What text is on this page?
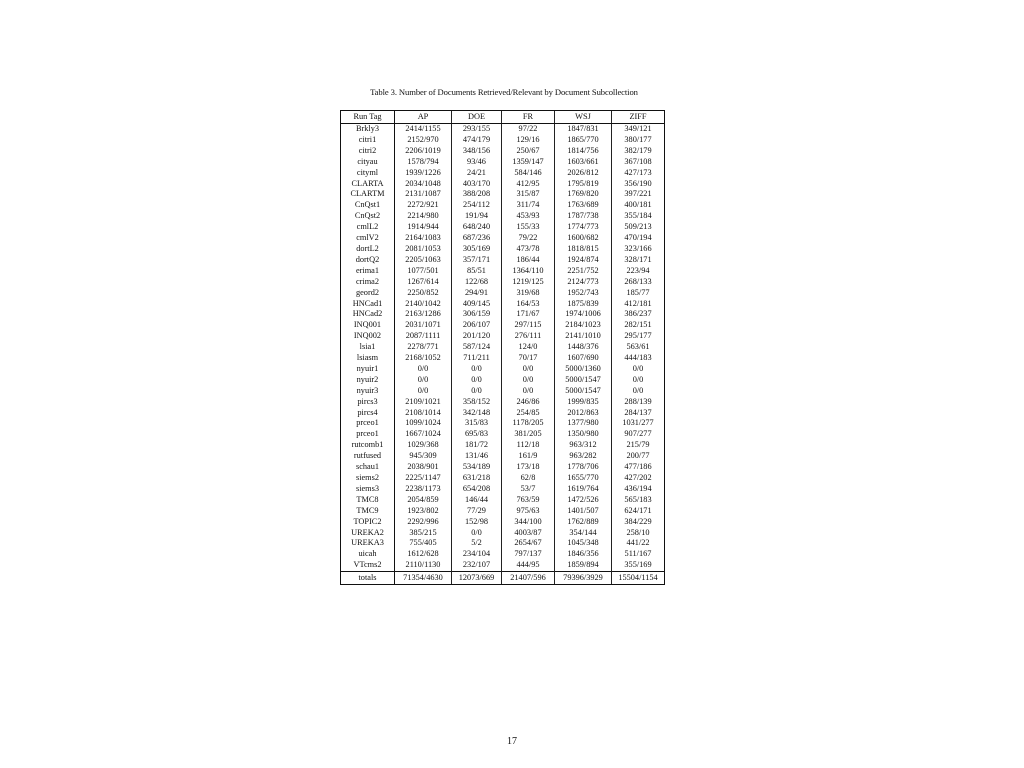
Table 3. Number of Documents Retrieved/Relevant by Document Subcollection
Run Tag	AP	DOE	FR	WSJ	ZIFF
Brkly3	2414/1155	293/155	97/22	1847/831	349/121
citri1	2152/970	474/179	129/16	1865/770	380/177
citri2	2206/1019	348/156	250/67	1814/756	382/179
cityau	1578/794	93/46	1359/147	1603/661	367/108
cityml	1939/1226	24/21	584/146	2026/812	427/173
CLARTA	2034/1048	403/170	412/95	1795/819	356/190
CLARTM	2131/1087	388/208	315/87	1769/820	397/221
CnQst1	2272/921	254/112	311/74	1763/689	400/181
CnQst2	2214/980	191/94	453/93	1787/738	355/184
cmlL2	1914/944	648/240	155/33	1774/773	509/213
cmlV2	2164/1083	687/236	79/22	1600/682	470/194
dortL2	2081/1053	305/169	473/78	1818/815	323/166
dortQ2	2205/1063	357/171	186/44	1924/874	328/171
erima1	1077/501	85/51	1364/110	2251/752	223/94
crima2	1267/614	122/68	1219/125	2124/773	268/133
geord2	2250/852	294/91	319/68	1952/743	185/77
HNCad1	2140/1042	409/145	164/53	1875/839	412/181
HNCad2	2163/1286	306/159	171/67	1974/1006	386/237
INQ001	2031/1071	206/107	297/115	2184/1023	282/151
INQ002	2087/1111	201/120	276/111	2141/1010	295/177
lsia1	2278/771	587/124	124/0	1448/376	563/61
lsiasm	2168/1052	711/211	70/17	1607/690	444/183
nyuir1	0/0	0/0	0/0	5000/1360	0/0
nyuir2	0/0	0/0	0/0	5000/1547	0/0
nyuir3	0/0	0/0	0/0	5000/1547	0/0
pircs3	2109/1021	358/152	246/86	1999/835	288/139
pircs4	2108/1014	342/148	254/85	2012/863	284/137
prceo1	1099/1024	315/83	1178/205	1377/980	1031/277
prceo1	1667/1024	695/83	381/205	1350/980	907/277
rutcomb1	1029/368	181/72	112/18	963/312	215/79
rutfused	945/309	131/46	161/9	963/282	200/77
schau1	2038/901	534/189	173/18	1778/706	477/186
siems2	2225/1147	631/218	62/8	1655/770	427/202
siems3	2238/1173	654/208	53/7	1619/764	436/194
TMC8	2054/859	146/44	763/59	1472/526	565/183
TMC9	1923/802	77/29	975/63	1401/507	624/171
TOPIC2	2292/996	152/98	344/100	1762/889	384/229
UREKA2	385/215	0/0	4003/87	354/144	258/10
UREKA3	755/405	5/2	2654/67	1045/348	441/22
uicah	1612/628	234/104	797/137	1846/356	511/167
VTcms2	2110/1130	232/107	444/95	1859/894	355/169
totals	71354/4630	12073/669	21407/596	79396/3929	15504/1154
17
